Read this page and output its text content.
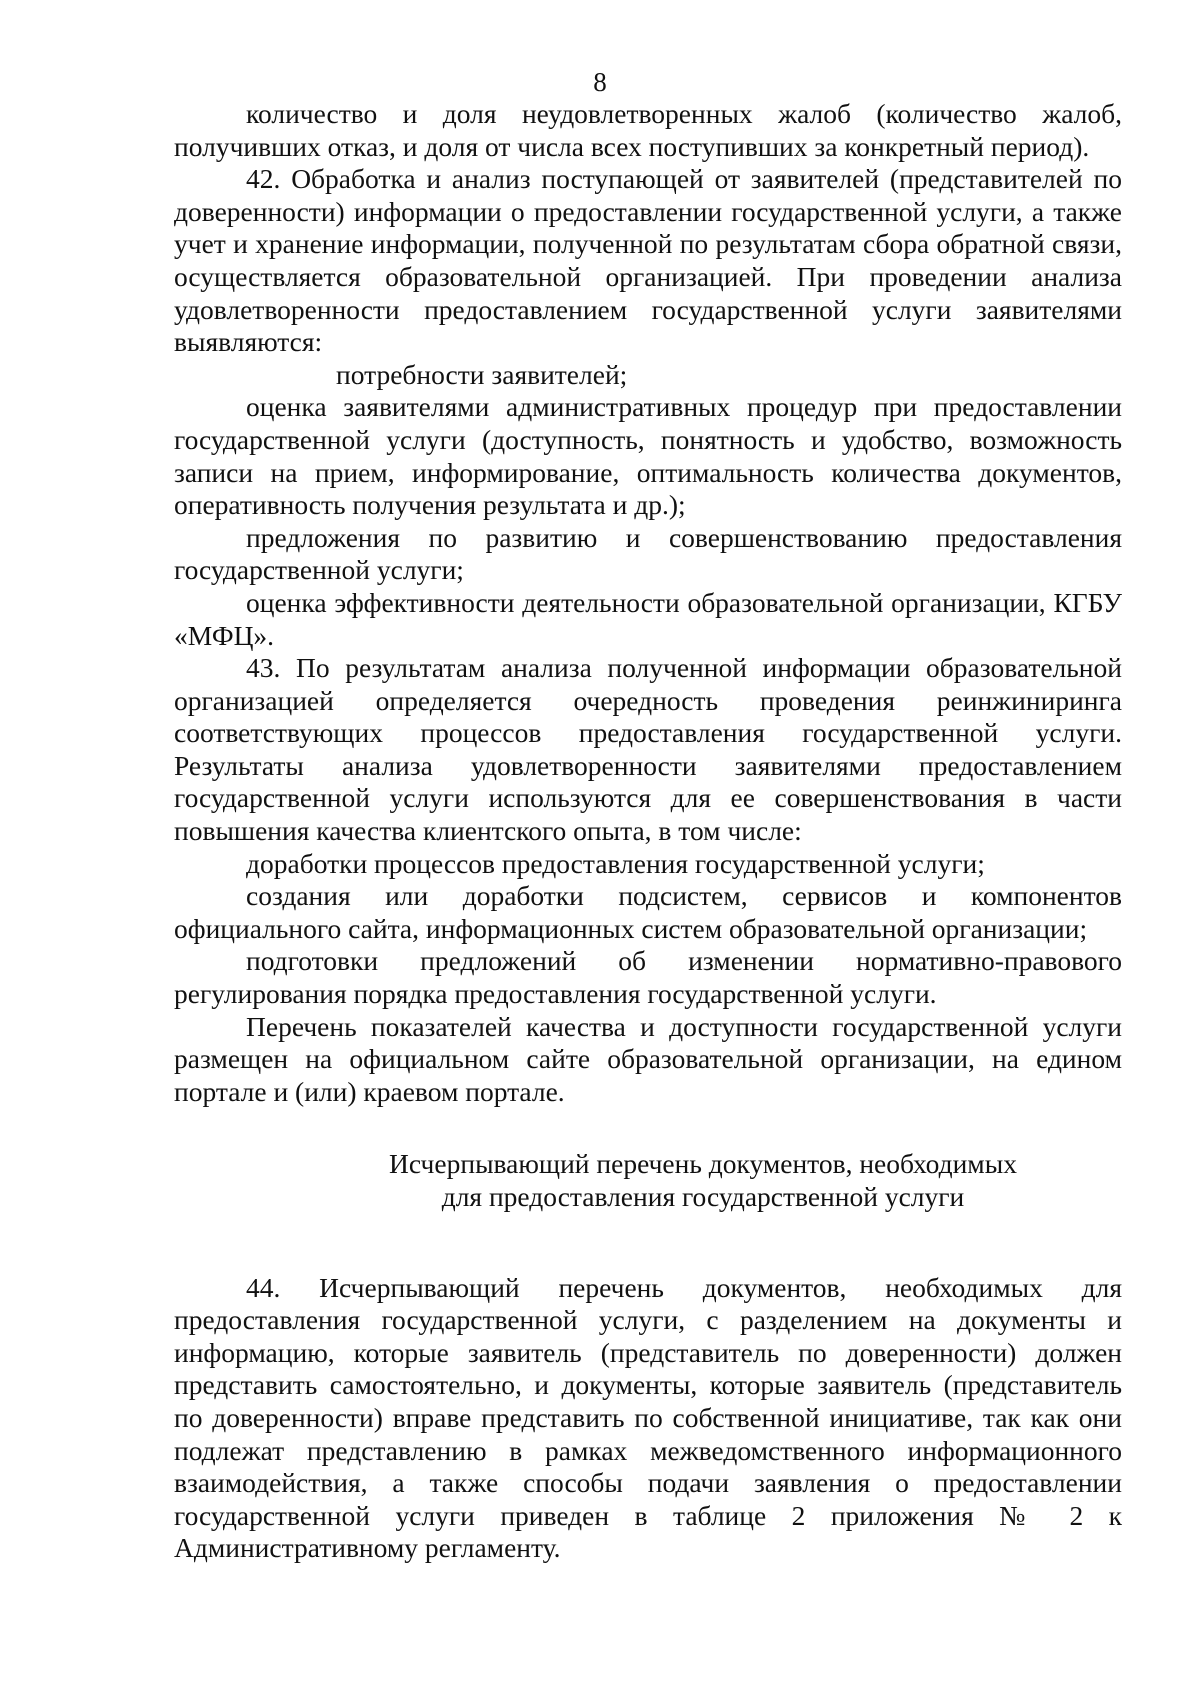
8

количество и доля неудовлетворенных жалоб (количество жалоб, получивших отказ, и доля от числа всех поступивших за конкретный период).

42. Обработка и анализ поступающей от заявителей (представителей по доверенности) информации о предоставлении государственной услуги, а также учет и хранение информации, полученной по результатам сбора обратной связи, осуществляется образовательной организацией. При проведении анализа удовлетворенности предоставлением государственной услуги заявителями выявляются:

потребности заявителей;

оценка заявителями административных процедур при предоставлении государственной услуги (доступность, понятность и удобство, возможность записи на прием, информирование, оптимальность количества документов, оперативность получения результата и др.);

предложения по развитию и совершенствованию предоставления государственной услуги;

оценка эффективности деятельности образовательной организации, КГБУ «МФЦ».

43. По результатам анализа полученной информации образовательной организацией определяется очередность проведения реинжиниринга соответствующих процессов предоставления государственной услуги. Результаты анализа удовлетворенности заявителями предоставлением государственной услуги используются для ее совершенствования в части повышения качества клиентского опыта, в том числе:

доработки процессов предоставления государственной услуги;

создания или доработки подсистем, сервисов и компонентов официального сайта, информационных систем образовательной организации;

подготовки предложений об изменении нормативно-правового регулирования порядка предоставления государственной услуги.

Перечень показателей качества и доступности государственной услуги размещен на официальном сайте образовательной организации, на едином портале и (или) краевом портале.

Исчерпывающий перечень документов, необходимых

для предоставления государственной услуги

44. Исчерпывающий перечень документов, необходимых для предоставления государственной услуги, с разделением на документы и информацию, которые заявитель (представитель по доверенности) должен представить самостоятельно, и документы, которые заявитель (представитель по доверенности) вправе представить по собственной инициативе, так как они подлежат представлению в рамках межведомственного информационного взаимодействия, а также способы подачи заявления о предоставлении государственной услуги приведен в таблице 2 приложения № 2 к Административному регламенту.
